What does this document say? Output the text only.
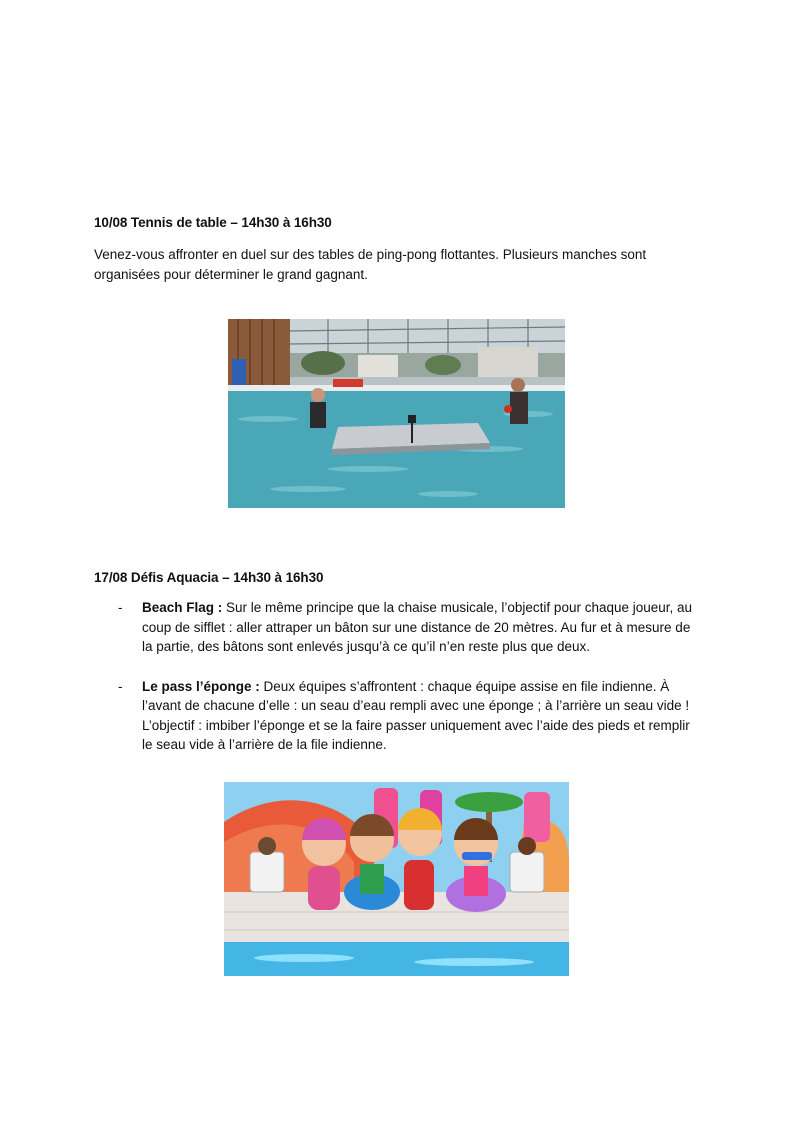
10/08 Tennis de table – 14h30 à 16h30
Venez-vous affronter en duel sur des tables de ping-pong flottantes. Plusieurs manches sont organisées pour déterminer le grand gagnant.
17/08 Défis Aquacia – 14h30 à 16h30
- Beach Flag : Sur le même principe que la chaise musicale, l’objectif pour chaque joueur, au coup de sifflet : aller attraper un bâton sur une distance de 20 mètres. Au fur et à mesure de la partie, des bâtons sont enlevés jusqu’à ce qu’il n’en reste plus que deux.
- Le pass l’éponge : Deux équipes s’affrontent : chaque équipe assise en file indienne. À l’avant de chacune d’elle : un seau d’eau rempli avec une éponge ; à l’arrière un seau vide ! L’objectif : imbiber l’éponge et se la faire passer uniquement avec l’aide des pieds et remplir le seau vide à l’arrière de la file indienne.
